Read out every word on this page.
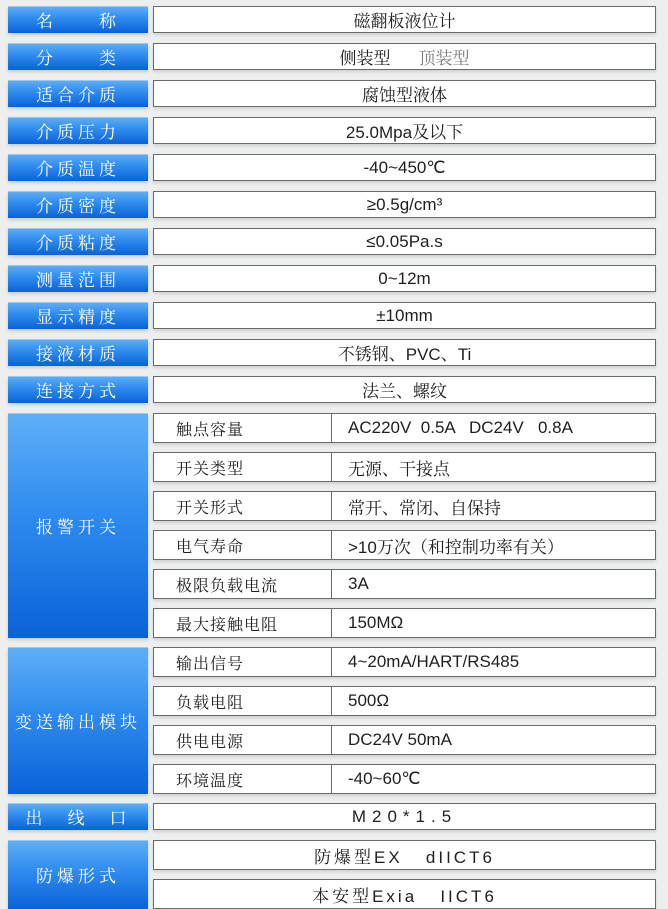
名　　称	磁翻板液位计
分　　类	侧装型 顶装型
适合介质	腐蚀型液体
介质压力	25.0Mpa及以下
介质温度	-40~450℃
介质密度	≥0.5g/cm³
介质粘度	≤0.05Pa.s
测量范围	0~12m
显示精度	±10mm
接液材质	不锈钢、PVC、Ti
连接方式	法兰、螺纹
报警开关
触点容量	AC220V  0.5A   DC24V   0.8A
开关类型	无源、干接点
开关形式	常开、常闭、自保持
电气寿命	>10万次（和控制功率有关）
极限负载电流	3A
最大接触电阻	150MΩ
变送输出模块
输出信号	4~20mA/HART/RS485
负载电阻	500Ω
供电电源	DC24V 50mA
环境温度	-40~60℃
出　线　口	M20*1.5
防爆形式
防爆型EX   dIICT6
本安型Exia   IICT6
